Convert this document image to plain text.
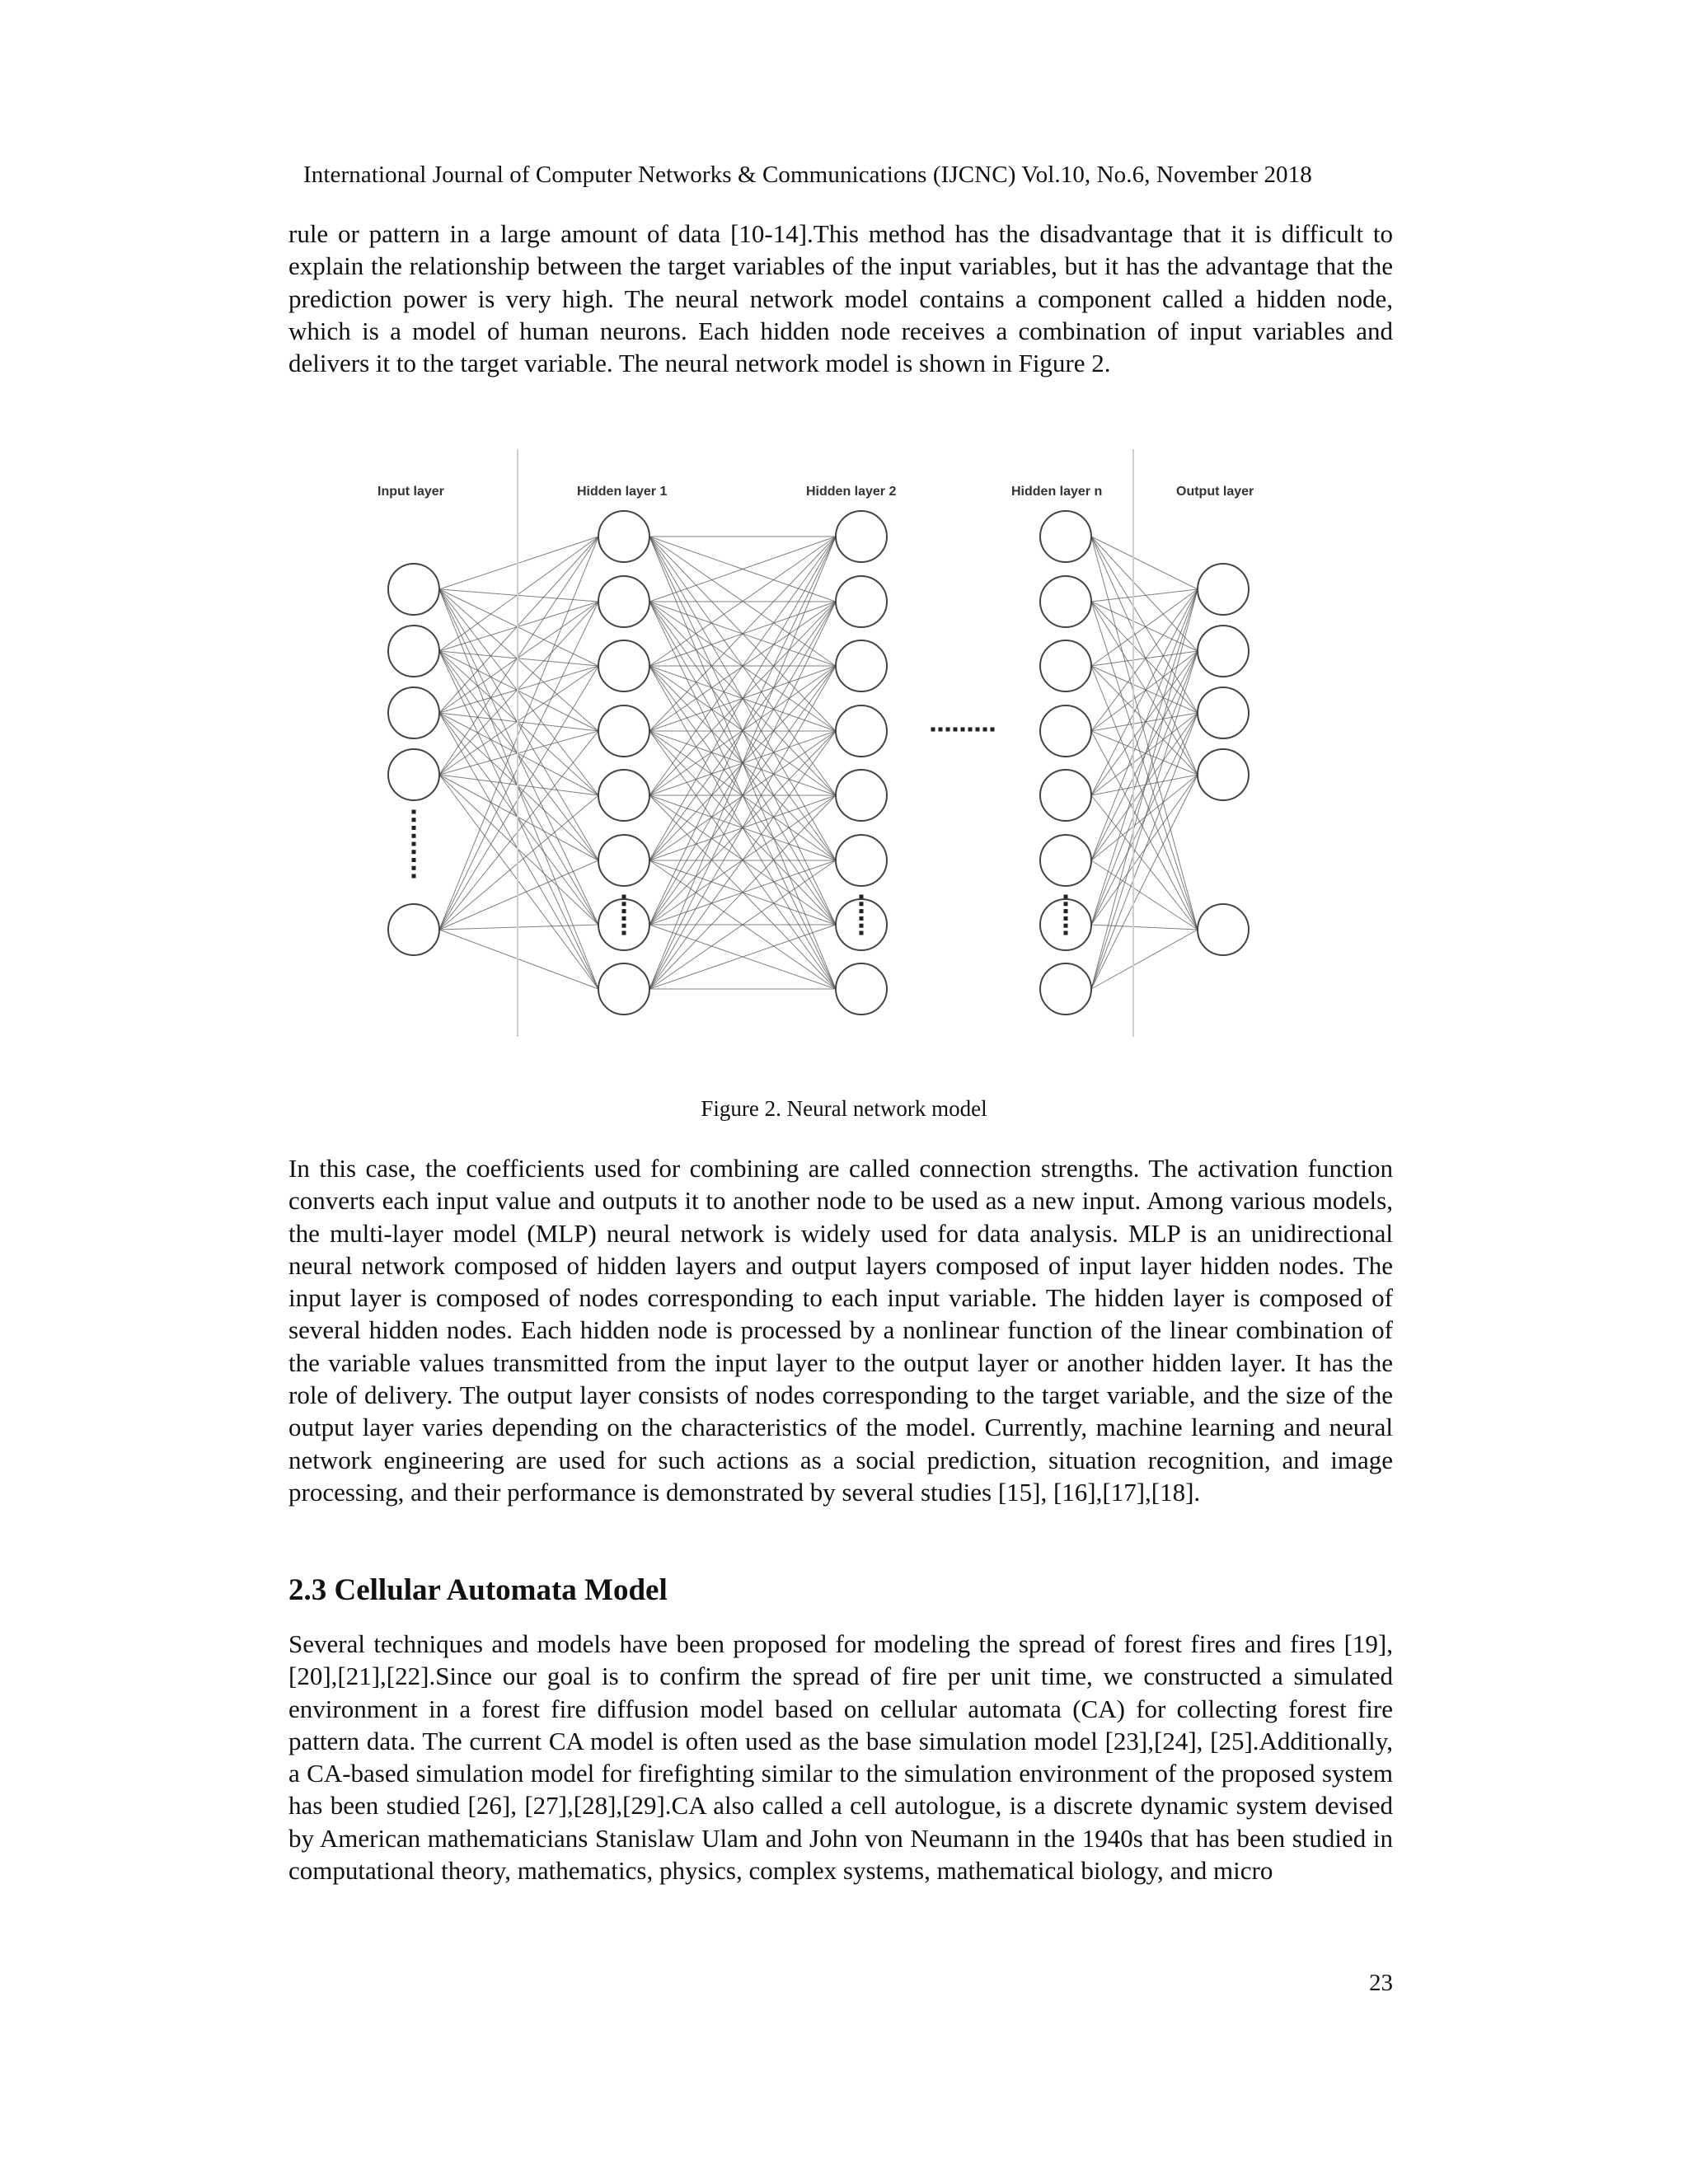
International Journal of Computer Networks & Communications (IJCNC) Vol.10, No.6, November 2018

rule or pattern in a large amount of data [10-14].This method has the disadvantage that it is difficult to explain the relationship between the target variables of the input variables, but it has the advantage that the prediction power is very high. The neural network model contains a component called a hidden node, which is a model of human neurons. Each hidden node receives a combination of input variables and delivers it to the target variable. The neural network model is shown in Figure 2.

Input layer	Hidden layer 1	Hidden layer 2	Hidden layer n	Output layer
Figure 2. Neural network model

In this case, the coefficients used for combining are called connection strengths. The activation function converts each input value and outputs it to another node to be used as a new input. Among various models, the multi-layer model (MLP) neural network is widely used for data analysis. MLP is an unidirectional neural network composed of hidden layers and output layers composed of input layer hidden nodes. The input layer is composed of nodes corresponding to each input variable. The hidden layer is composed of several hidden nodes. Each hidden node is processed by a nonlinear function of the linear combination of the variable values transmitted from the input layer to the output layer or another hidden layer. It has the role of delivery. The output layer consists of nodes corresponding to the target variable, and the size of the output layer varies depending on the characteristics of the model. Currently, machine learning and neural network engineering are used for such actions as a social prediction, situation recognition, and image processing, and their performance is demonstrated by several studies [15], [16],[17],[18].

2.3 Cellular Automata Model

Several techniques and models have been proposed for modeling the spread of forest fires and fires [19],[20],[21],[22].Since our goal is to confirm the spread of fire per unit time, we constructed a simulated environment in a forest fire diffusion model based on cellular automata (CA) for collecting forest fire pattern data. The current CA model is often used as the base simulation model [23],[24], [25].Additionally, a CA-based simulation model for firefighting similar to the simulation environment of the proposed system has been studied [26], [27],[28],[29].CA also called a cell autologue, is a discrete dynamic system devised by American mathematicians Stanislaw Ulam and John von Neumann in the 1940s that has been studied in computational theory, mathematics, physics, complex systems, mathematical biology, and micro

23
